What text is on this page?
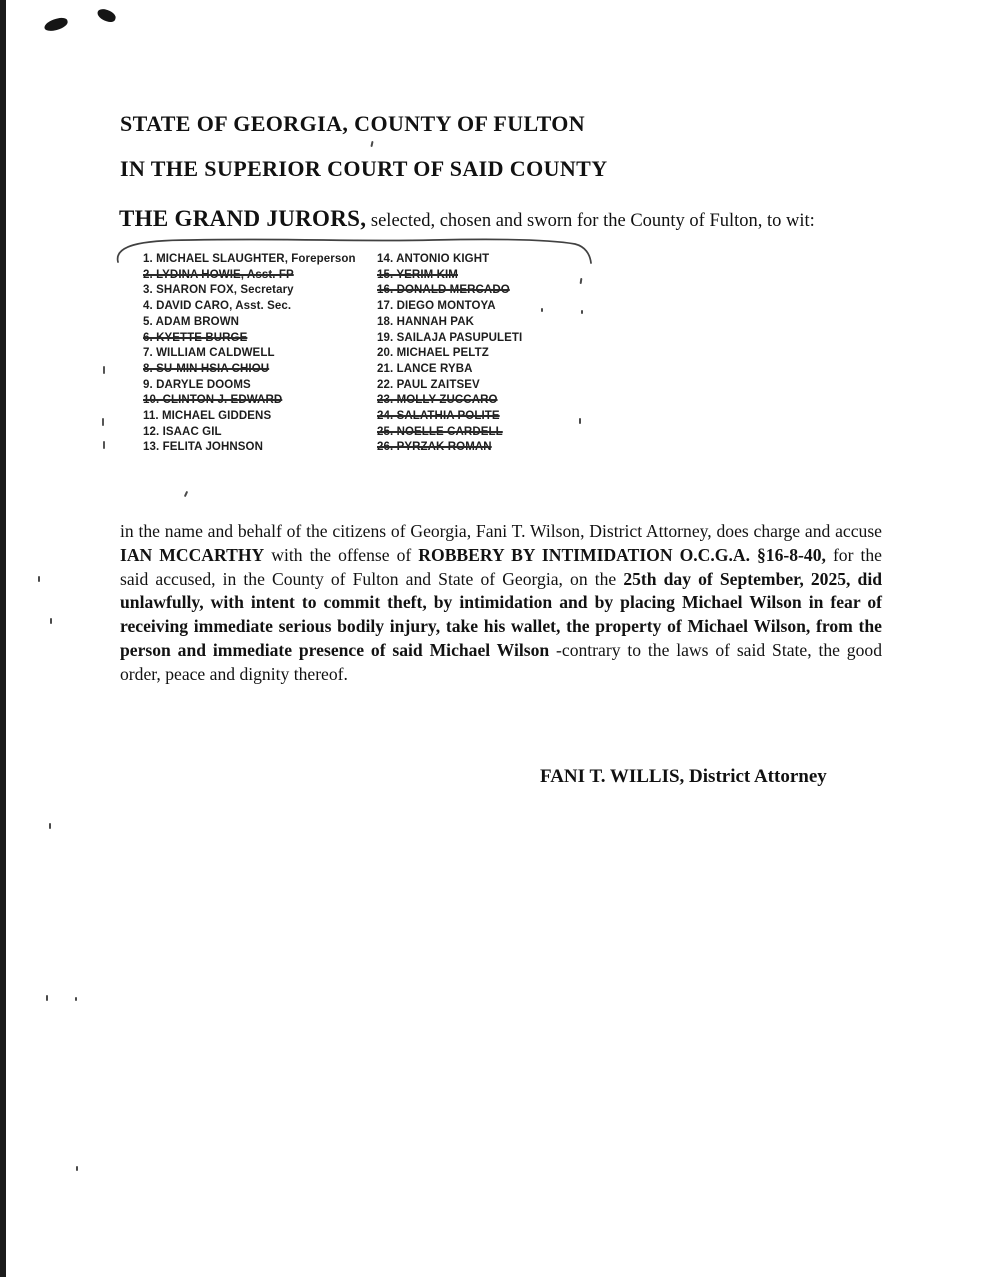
STATE OF GEORGIA, COUNTY OF FULTON
IN THE SUPERIOR COURT OF SAID COUNTY

THE GRAND JURORS, selected, chosen and sworn for the County of Fulton, to wit:

1. MICHAEL SLAUGHTER, Foreperson
2. LYDINA HOWIE, Asst. FP
3. SHARON FOX, Secretary
4. DAVID CARO, Asst. Sec.
5. ADAM BROWN
6. KYETTE BURGE
7. WILLIAM CALDWELL
8. SU-MIN HSIA CHIOU
9. DARYLE DOOMS
10. CLINTON J. EDWARD
11. MICHAEL GIDDENS
12. ISAAC GIL
13. FELITA JOHNSON
14. ANTONIO KIGHT
15. YERIM KIM
16. DONALD MERCADO
17. DIEGO MONTOYA
18. HANNAH PAK
19. SAILAJA PASUPULETI
20. MICHAEL PELTZ
21. LANCE RYBA
22. PAUL ZAITSEV
23. MOLLY ZUCCARO
24. SALATHIA POLITE
25. NOELLE CARDELL
26. PYRZAK ROMAN

in the name and behalf of the citizens of Georgia, Fani T. Wilson, District Attorney, does charge and accuse IAN MCCARTHY with the offense of ROBBERY BY INTIMIDATION O.C.G.A. §16-8-40, for the said accused, in the County of Fulton and State of Georgia, on the 25th day of September, 2025, did unlawfully, with intent to commit theft, by intimidation and by placing Michael Wilson in fear of receiving immediate serious bodily injury, take his wallet, the property of Michael Wilson, from the person and immediate presence of said Michael Wilson -contrary to the laws of said State, the good order, peace and dignity thereof.

FANI T. WILLIS, District Attorney
